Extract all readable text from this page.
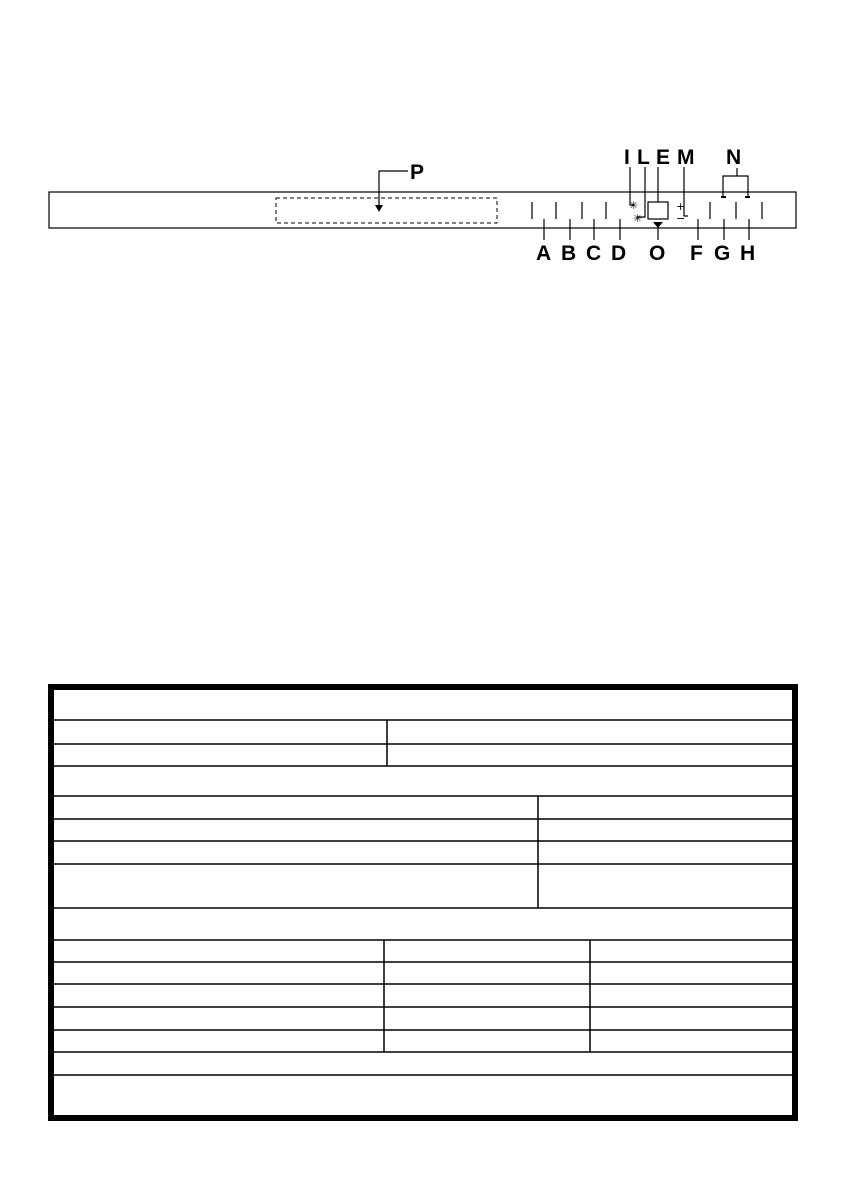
P
✳
✳
+
−
I L E M N
A B C D O F G H
